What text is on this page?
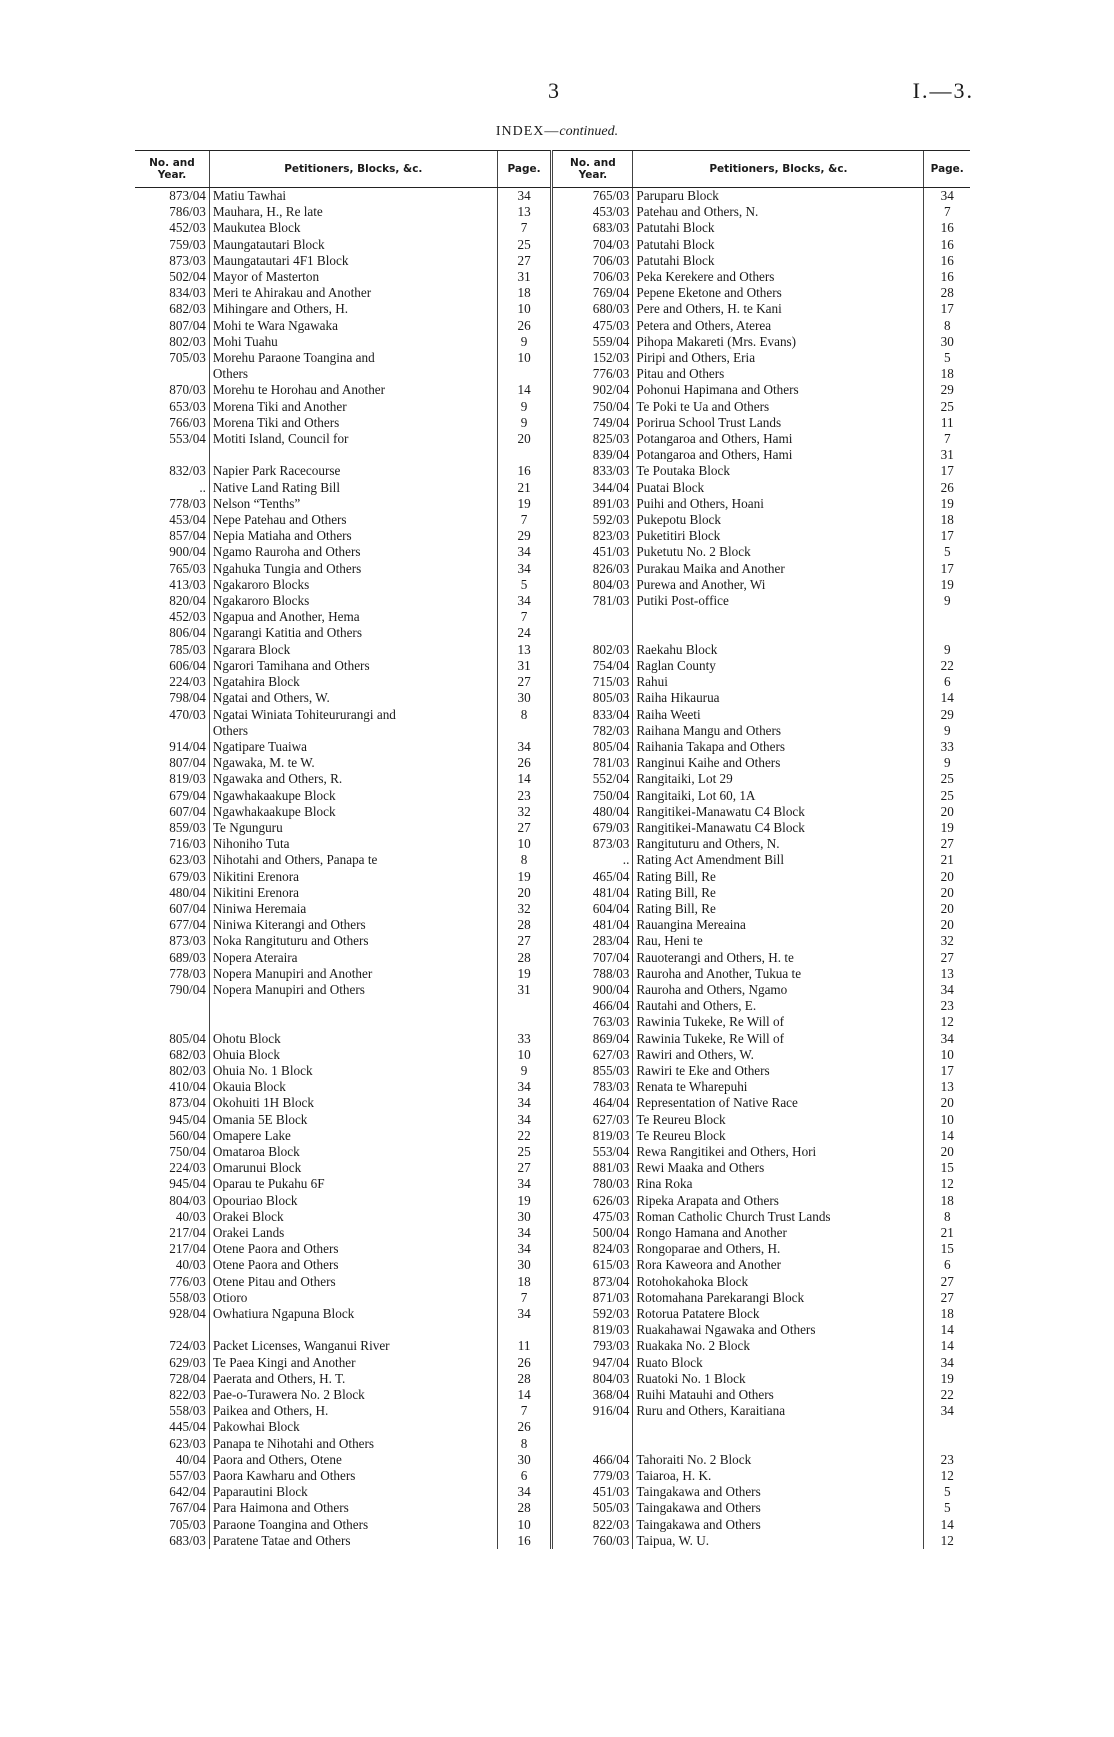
3	I.—3.
INDEX—continued.
No. and Year.	Petitioners, Blocks, &c.	Page.	No. and Year.	Petitioners, Blocks, &c.	Page.
873/04	Matiu Tawhai	34	765/03	Paruparu Block	34
786/03	Mauhara, H., Re late	13	453/03	Patehau and Others, N.	7
452/03	Maukutea Block	7	683/03	Patutahi Block	16
759/03	Maungatautari Block	25	704/03	Patutahi Block	16
873/03	Maungatautari 4F1 Block	27	706/03	Patutahi Block	16
502/04	Mayor of Masterton	31	706/03	Peka Kerekere and Others	16
834/03	Meri te Ahirakau and Another	18	769/04	Pepene Eketone and Others	28
682/03	Mihingare and Others, H.	10	680/03	Pere and Others, H. te Kani	17
807/04	Mohi te Wara Ngawaka	26	475/03	Petera and Others, Aterea	8
802/03	Mohi Tuahu	9	559/04	Pihopa Makareti (Mrs. Evans)	30
705/03	Morehu Paraone Toangina and	10	152/03	Piripi and Others, Eria	5
	Others		776/03	Pitau and Others	18
870/03	Morehu te Horohau and Another	14	902/04	Pohonui Hapimana and Others	29
653/03	Morena Tiki and Another	9	750/04	Te Poki te Ua and Others	25
766/03	Morena Tiki and Others	9	749/04	Porirua School Trust Lands	11
553/04	Motiti Island, Council for	20	825/03	Potangaroa and Others, Hami	7
			839/04	Potangaroa and Others, Hami	31
832/03	Napier Park Racecourse	16	833/03	Te Poutaka Block	17
..	Native Land Rating Bill	21	344/04	Puatai Block	26
778/03	Nelson “Tenths”	19	891/03	Puihi and Others, Hoani	19
453/04	Nepe Patehau and Others	7	592/03	Pukepotu Block	18
857/04	Nepia Matiaha and Others	29	823/03	Puketitiri Block	17
900/04	Ngamo Rauroha and Others	34	451/03	Puketutu No. 2 Block	5
765/03	Ngahuka Tungia and Others	34	826/03	Purakau Maika and Another	17
413/03	Ngakaroro Blocks	5	804/03	Purewa and Another, Wi	19
820/04	Ngakaroro Blocks	34	781/03	Putiki Post-office	9
452/03	Ngapua and Another, Hema	7			
806/04	Ngarangi Katitia and Others	24			
785/03	Ngarara Block	13	802/03	Raekahu Block	9
606/04	Ngarori Tamihana and Others	31	754/04	Raglan County	22
224/03	Ngatahira Block	27	715/03	Rahui	6
798/04	Ngatai and Others, W.	30	805/03	Raiha Hikaurua	14
470/03	Ngatai Winiata Tohiteururangi and	8	833/04	Raiha Weeti	29
	Others		782/03	Raihana Mangu and Others	9
914/04	Ngatipare Tuaiwa	34	805/04	Raihania Takapa and Others	33
807/04	Ngawaka, M. te W.	26	781/03	Ranginui Kaihe and Others	9
819/03	Ngawaka and Others, R.	14	552/04	Rangitaiki, Lot 29	25
679/04	Ngawhakaakupe Block	23	750/04	Rangitaiki, Lot 60, 1A	25
607/04	Ngawhakaakupe Block	32	480/04	Rangitikei-Manawatu C4 Block	20
859/03	Te Ngunguru	27	679/03	Rangitikei-Manawatu C4 Block	19
716/03	Nihoniho Tuta	10	873/03	Rangituturu and Others, N.	27
623/03	Nihotahi and Others, Panapa te	8	..	Rating Act Amendment Bill	21
679/03	Nikitini Erenora	19	465/04	Rating Bill, Re	20
480/04	Nikitini Erenora	20	481/04	Rating Bill, Re	20
607/04	Niniwa Heremaia	32	604/04	Rating Bill, Re	20
677/04	Niniwa Kiterangi and Others	28	481/04	Rauangina Mereaina	20
873/03	Noka Rangituturu and Others	27	283/04	Rau, Heni te	32
689/03	Nopera Ateraira	28	707/04	Rauoterangi and Others, H. te	27
778/03	Nopera Manupiri and Another	19	788/03	Rauroha and Another, Tukua te	13
790/04	Nopera Manupiri and Others	31	900/04	Rauroha and Others, Ngamo	34
			466/04	Rautahi and Others, E.	23
			763/03	Rawinia Tukeke, Re Will of	12
805/04	Ohotu Block	33	869/04	Rawinia Tukeke, Re Will of	34
682/03	Ohuia Block	10	627/03	Rawiri and Others, W.	10
802/03	Ohuia No. 1 Block	9	855/03	Rawiri te Eke and Others	17
410/04	Okauia Block	34	783/03	Renata te Wharepuhi	13
873/04	Okohuiti 1H Block	34	464/04	Representation of Native Race	20
945/04	Omania 5E Block	34	627/03	Te Reureu Block	10
560/04	Omapere Lake	22	819/03	Te Reureu Block	14
750/04	Omataroa Block	25	553/04	Rewa Rangitikei and Others, Hori	20
224/03	Omarunui Block	27	881/03	Rewi Maaka and Others	15
945/04	Oparau te Pukahu 6F	34	780/03	Rina Roka	12
804/03	Opouriao Block	19	626/03	Ripeka Arapata and Others	18
40/03	Orakei Block	30	475/03	Roman Catholic Church Trust Lands	8
217/04	Orakei Lands	34	500/04	Rongo Hamana and Another	21
217/04	Otene Paora and Others	34	824/03	Rongoparae and Others, H.	15
40/03	Otene Paora and Others	30	615/03	Rora Kaweora and Another	6
776/03	Otene Pitau and Others	18	873/04	Rotohokahoka Block	27
558/03	Otioro	7	871/03	Rotomahana Parekarangi Block	27
928/04	Owhatiura Ngapuna Block	34	592/03	Rotorua Patatere Block	18
			819/03	Ruakahawai Ngawaka and Others	14
724/03	Packet Licenses, Wanganui River	11	793/03	Ruakaka No. 2 Block	14
629/03	Te Paea Kingi and Another	26	947/04	Ruato Block	34
728/04	Paerata and Others, H. T.	28	804/03	Ruatoki No. 1 Block	19
822/03	Pae-o-Turawera No. 2 Block	14	368/04	Ruihi Matauhi and Others	22
558/03	Paikea and Others, H.	7	916/04	Ruru and Others, Karaitiana	34
445/04	Pakowhai Block	26			
623/03	Panapa te Nihotahi and Others	8			
40/04	Paora and Others, Otene	30	466/04	Tahoraiti No. 2 Block	23
557/03	Paora Kawharu and Others	6	779/03	Taiaroa, H. K.	12
642/04	Paparautini Block	34	451/03	Taingakawa and Others	5
767/04	Para Haimona and Others	28	505/03	Taingakawa and Others	5
705/03	Paraone Toangina and Others	10	822/03	Taingakawa and Others	14
683/03	Paratene Tatae and Others	16	760/03	Taipua, W. U.	12
